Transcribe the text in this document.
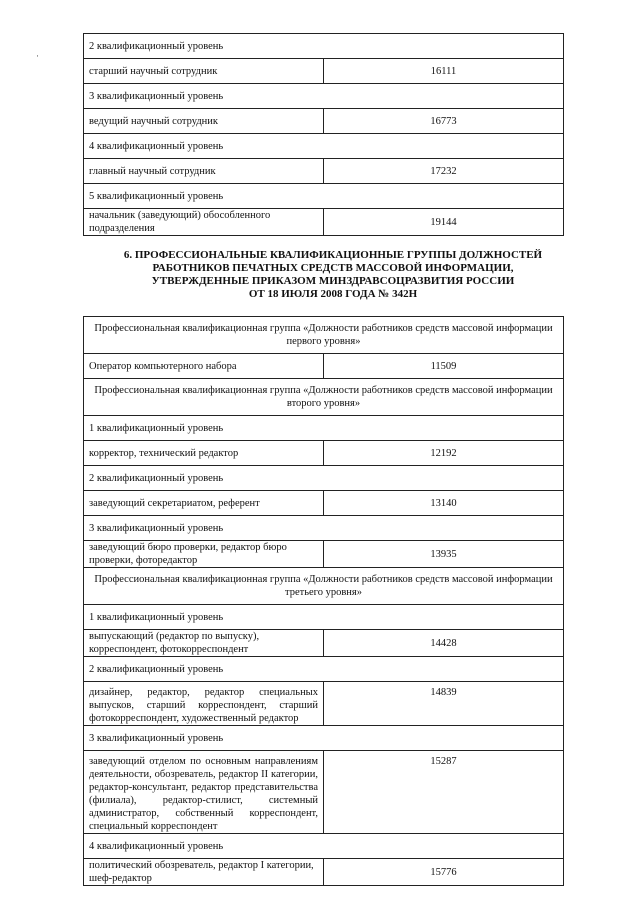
·
2 квалификационный уровень	
старший научный сотрудник	16111
3 квалификационный уровень	
ведущий научный сотрудник	16773
4 квалификационный уровень	
главный научный сотрудник	17232
5 квалификационный уровень	
начальник (заведующий) обособленного подразделения	19144
6. ПРОФЕССИОНАЛЬНЫЕ КВАЛИФИКАЦИОННЫЕ ГРУППЫ ДОЛЖНОСТЕЙ
РАБОТНИКОВ ПЕЧАТНЫХ СРЕДСТВ МАССОВОЙ ИНФОРМАЦИИ,
УТВЕРЖДЕННЫЕ ПРИКАЗОМ МИНЗДРАВСОЦРАЗВИТИЯ РОССИИ
ОТ 18 ИЮЛЯ 2008 ГОДА № 342Н
Профессиональная квалификационная группа «Должности работников средств массовой информации первого уровня»	
Оператор компьютерного набора	11509
Профессиональная квалификационная группа «Должности работников средств массовой информации второго уровня»	
1 квалификационный уровень	
корректор, технический редактор	12192
2 квалификационный уровень	
заведующий секретариатом, референт	13140
3 квалификационный уровень	
заведующий бюро проверки, редактор бюро проверки, фоторедактор	13935
Профессиональная квалификационная группа «Должности работников средств массовой информации третьего уровня»	
1 квалификационный уровень	
выпускающий (редактор по выпуску), корреспондент, фотокорреспондент	14428
2 квалификационный уровень	
дизайнер, редактор, редактор специальных выпусков, старший корреспондент, старший фотокорреспондент, художественный редактор	14839
3 квалификационный уровень	
заведующий отделом по основным направлениям деятельности, обозреватель, редактор II категории, редактор-консультант, редактор представительства (филиала), редактор-стилист, системный администратор, собственный корреспондент, специальный корреспондент	15287
4 квалификационный уровень	
политический обозреватель, редактор I категории, шеф-редактор	15776
